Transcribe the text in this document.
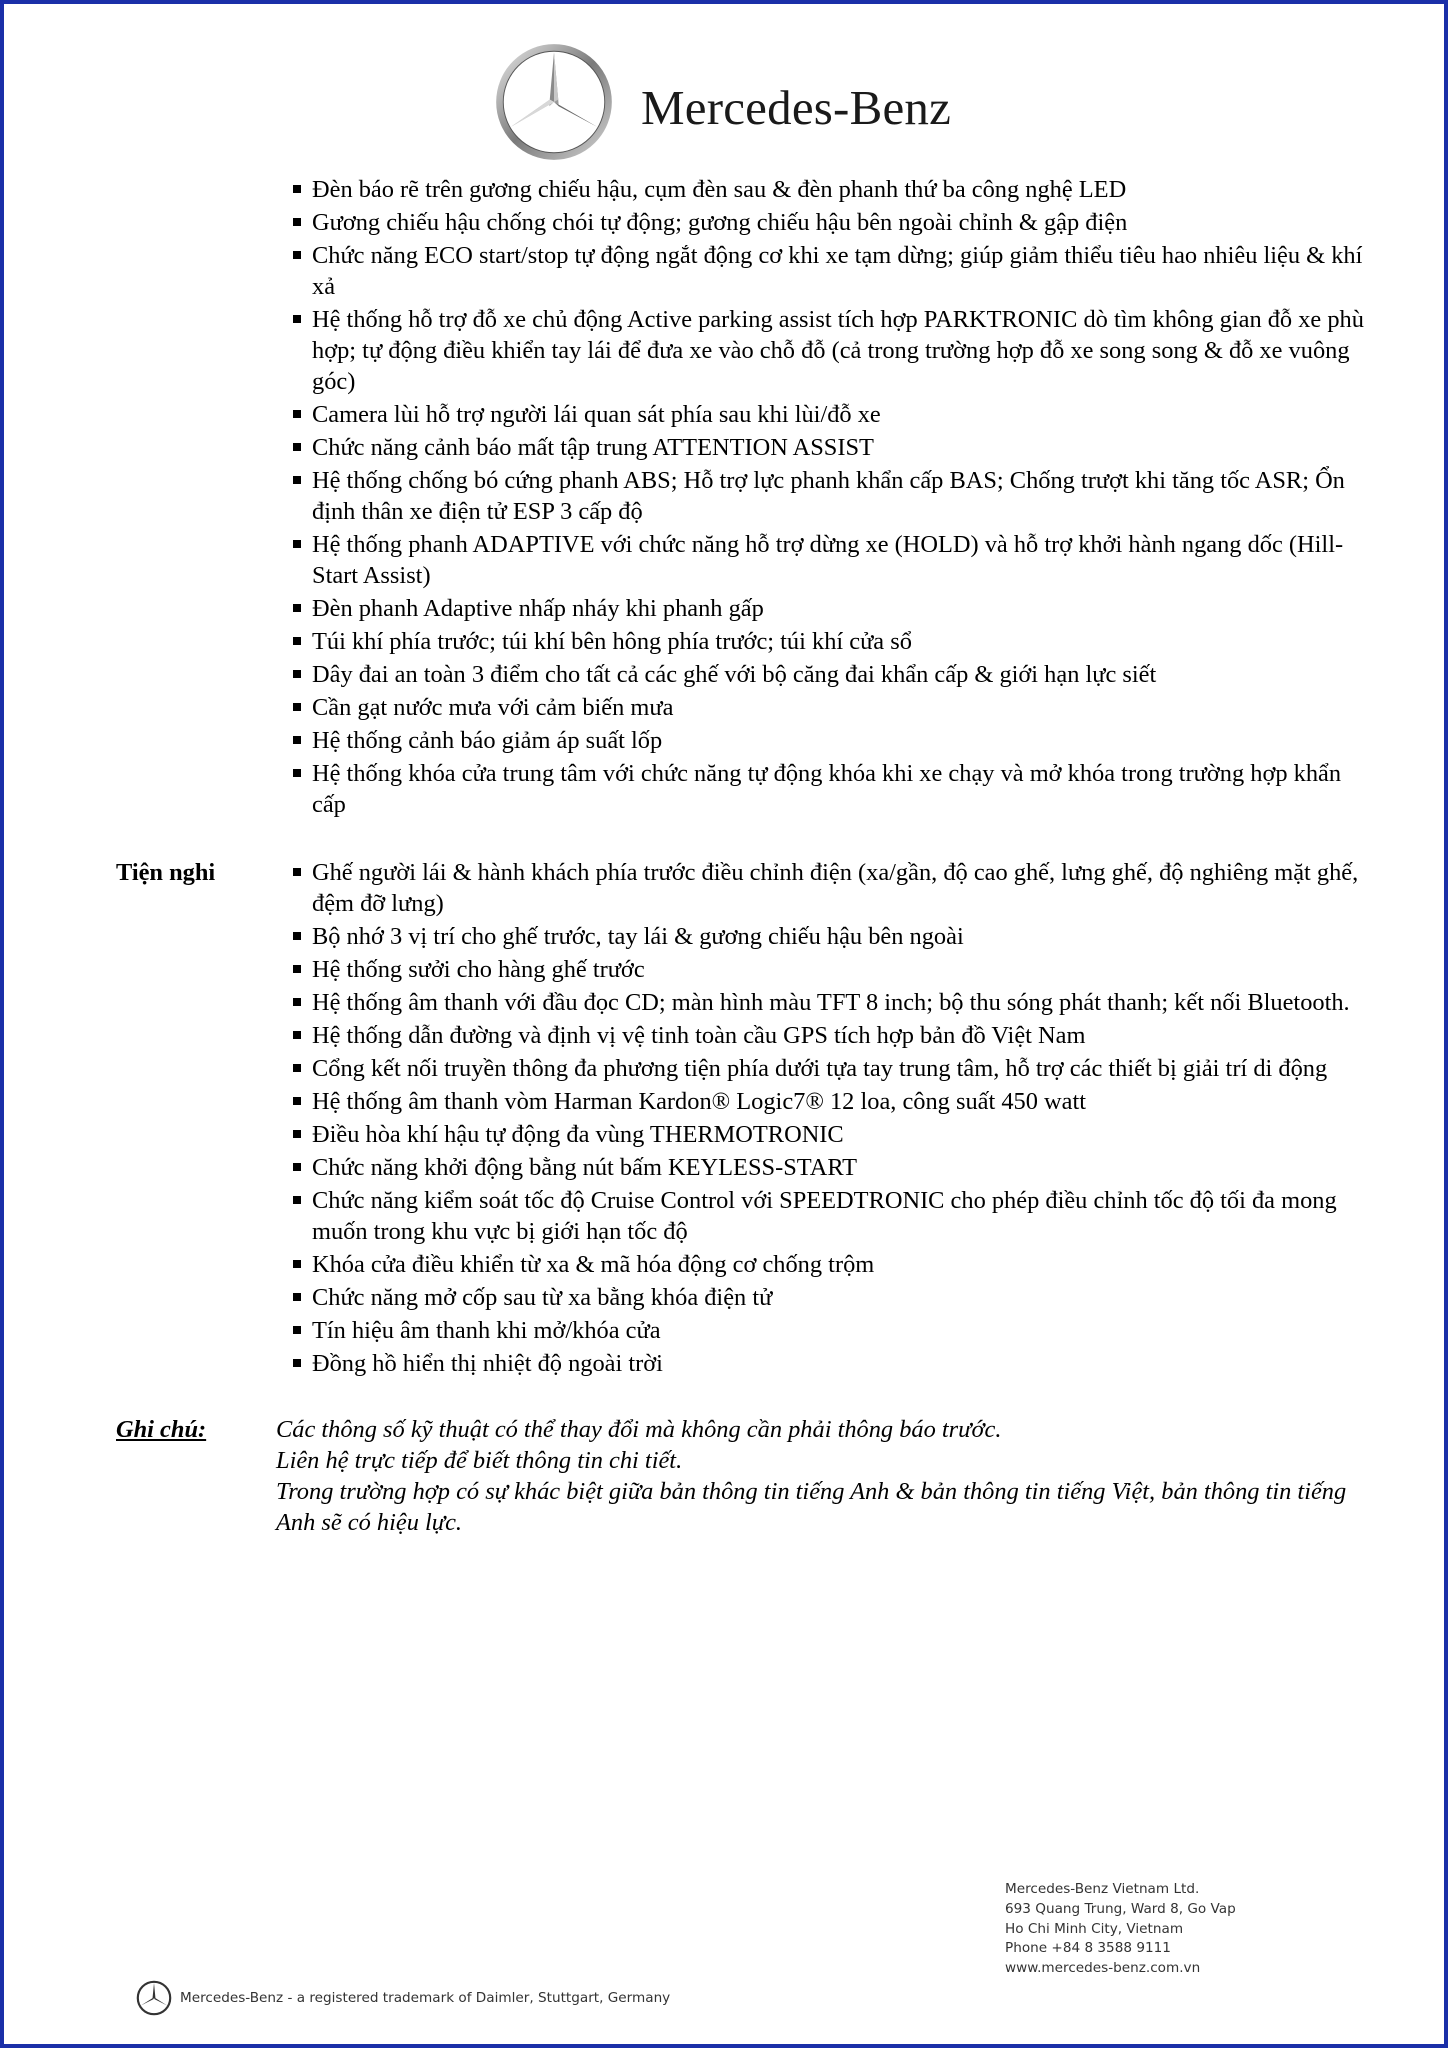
Mercedes-Benz
Đèn báo rẽ trên gương chiếu hậu, cụm đèn sau & đèn phanh thứ ba công nghệ LED
Gương chiếu hậu chống chói tự động; gương chiếu hậu bên ngoài chỉnh & gập điện
Chức năng ECO start/stop tự động ngắt động cơ khi xe tạm dừng; giúp giảm thiểu tiêu hao nhiêu liệu & khí xả
Hệ thống hỗ trợ đỗ xe chủ động Active parking assist tích hợp PARKTRONIC dò tìm không gian đỗ xe phù hợp; tự động điều khiển tay lái để đưa xe vào chỗ đỗ (cả trong trường hợp đỗ xe song song & đỗ xe vuông góc)
Camera lùi hỗ trợ người lái quan sát phía sau khi lùi/đỗ xe
Chức năng cảnh báo mất tập trung ATTENTION ASSIST
Hệ thống chống bó cứng phanh ABS; Hỗ trợ lực phanh khẩn cấp BAS; Chống trượt khi tăng tốc ASR; Ổn định thân xe điện tử ESP 3 cấp độ
Hệ thống phanh ADAPTIVE với chức năng hỗ trợ dừng xe (HOLD) và hỗ trợ khởi hành ngang dốc (Hill-Start Assist)
Đèn phanh Adaptive nhấp nháy khi phanh gấp
Túi khí phía trước; túi khí bên hông phía trước; túi khí cửa sổ
Dây đai an toàn 3 điểm cho tất cả các ghế với bộ căng đai khẩn cấp & giới hạn lực siết
Cần gạt nước mưa với cảm biến mưa
Hệ thống cảnh báo giảm áp suất lốp
Hệ thống khóa cửa trung tâm với chức năng tự động khóa khi xe chạy và mở khóa trong trường hợp khẩn cấp
Tiện nghi	Ghế người lái & hành khách phía trước điều chỉnh điện (xa/gần, độ cao ghế, lưng ghế, độ nghiêng mặt ghế, đệm đỡ lưng)
Bộ nhớ 3 vị trí cho ghế trước, tay lái & gương chiếu hậu bên ngoài
Hệ thống sưởi cho hàng ghế trước
Hệ thống âm thanh với đầu đọc CD; màn hình màu TFT 8 inch; bộ thu sóng phát thanh; kết nối Bluetooth.
Hệ thống dẫn đường và định vị vệ tinh toàn cầu GPS tích hợp bản đồ Việt Nam
Cổng kết nối truyền thông đa phương tiện phía dưới tựa tay trung tâm, hỗ trợ các thiết bị giải trí di động
Hệ thống âm thanh vòm Harman Kardon® Logic7® 12 loa, công suất 450 watt
Điều hòa khí hậu tự động đa vùng THERMOTRONIC
Chức năng khởi động bằng nút bấm KEYLESS-START
Chức năng kiểm soát tốc độ Cruise Control với SPEEDTRONIC cho phép điều chỉnh tốc độ tối đa mong muốn trong khu vực bị giới hạn tốc độ
Khóa cửa điều khiển từ xa & mã hóa động cơ chống trộm
Chức năng mở cốp sau từ xa bằng khóa điện tử
Tín hiệu âm thanh khi mở/khóa cửa
Đồng hồ hiển thị nhiệt độ ngoài trời
Ghi chú:	Các thông số kỹ thuật có thể thay đổi mà không cần phải thông báo trước.

Liên hệ trực tiếp để biết thông tin chi tiết.

Trong trường hợp có sự khác biệt giữa bản thông tin tiếng Anh & bản thông tin tiếng Việt, bản thông tin tiếng Anh sẽ có hiệu lực.

Mercedes-Benz Vietnam Ltd.

693 Quang Trung, Ward 8, Go Vap

Ho Chi Minh City, Vietnam

Phone +84 8 3588 9111

www.mercedes-benz.com.vn

Mercedes-Benz - a registered trademark of Daimler, Stuttgart, Germany
